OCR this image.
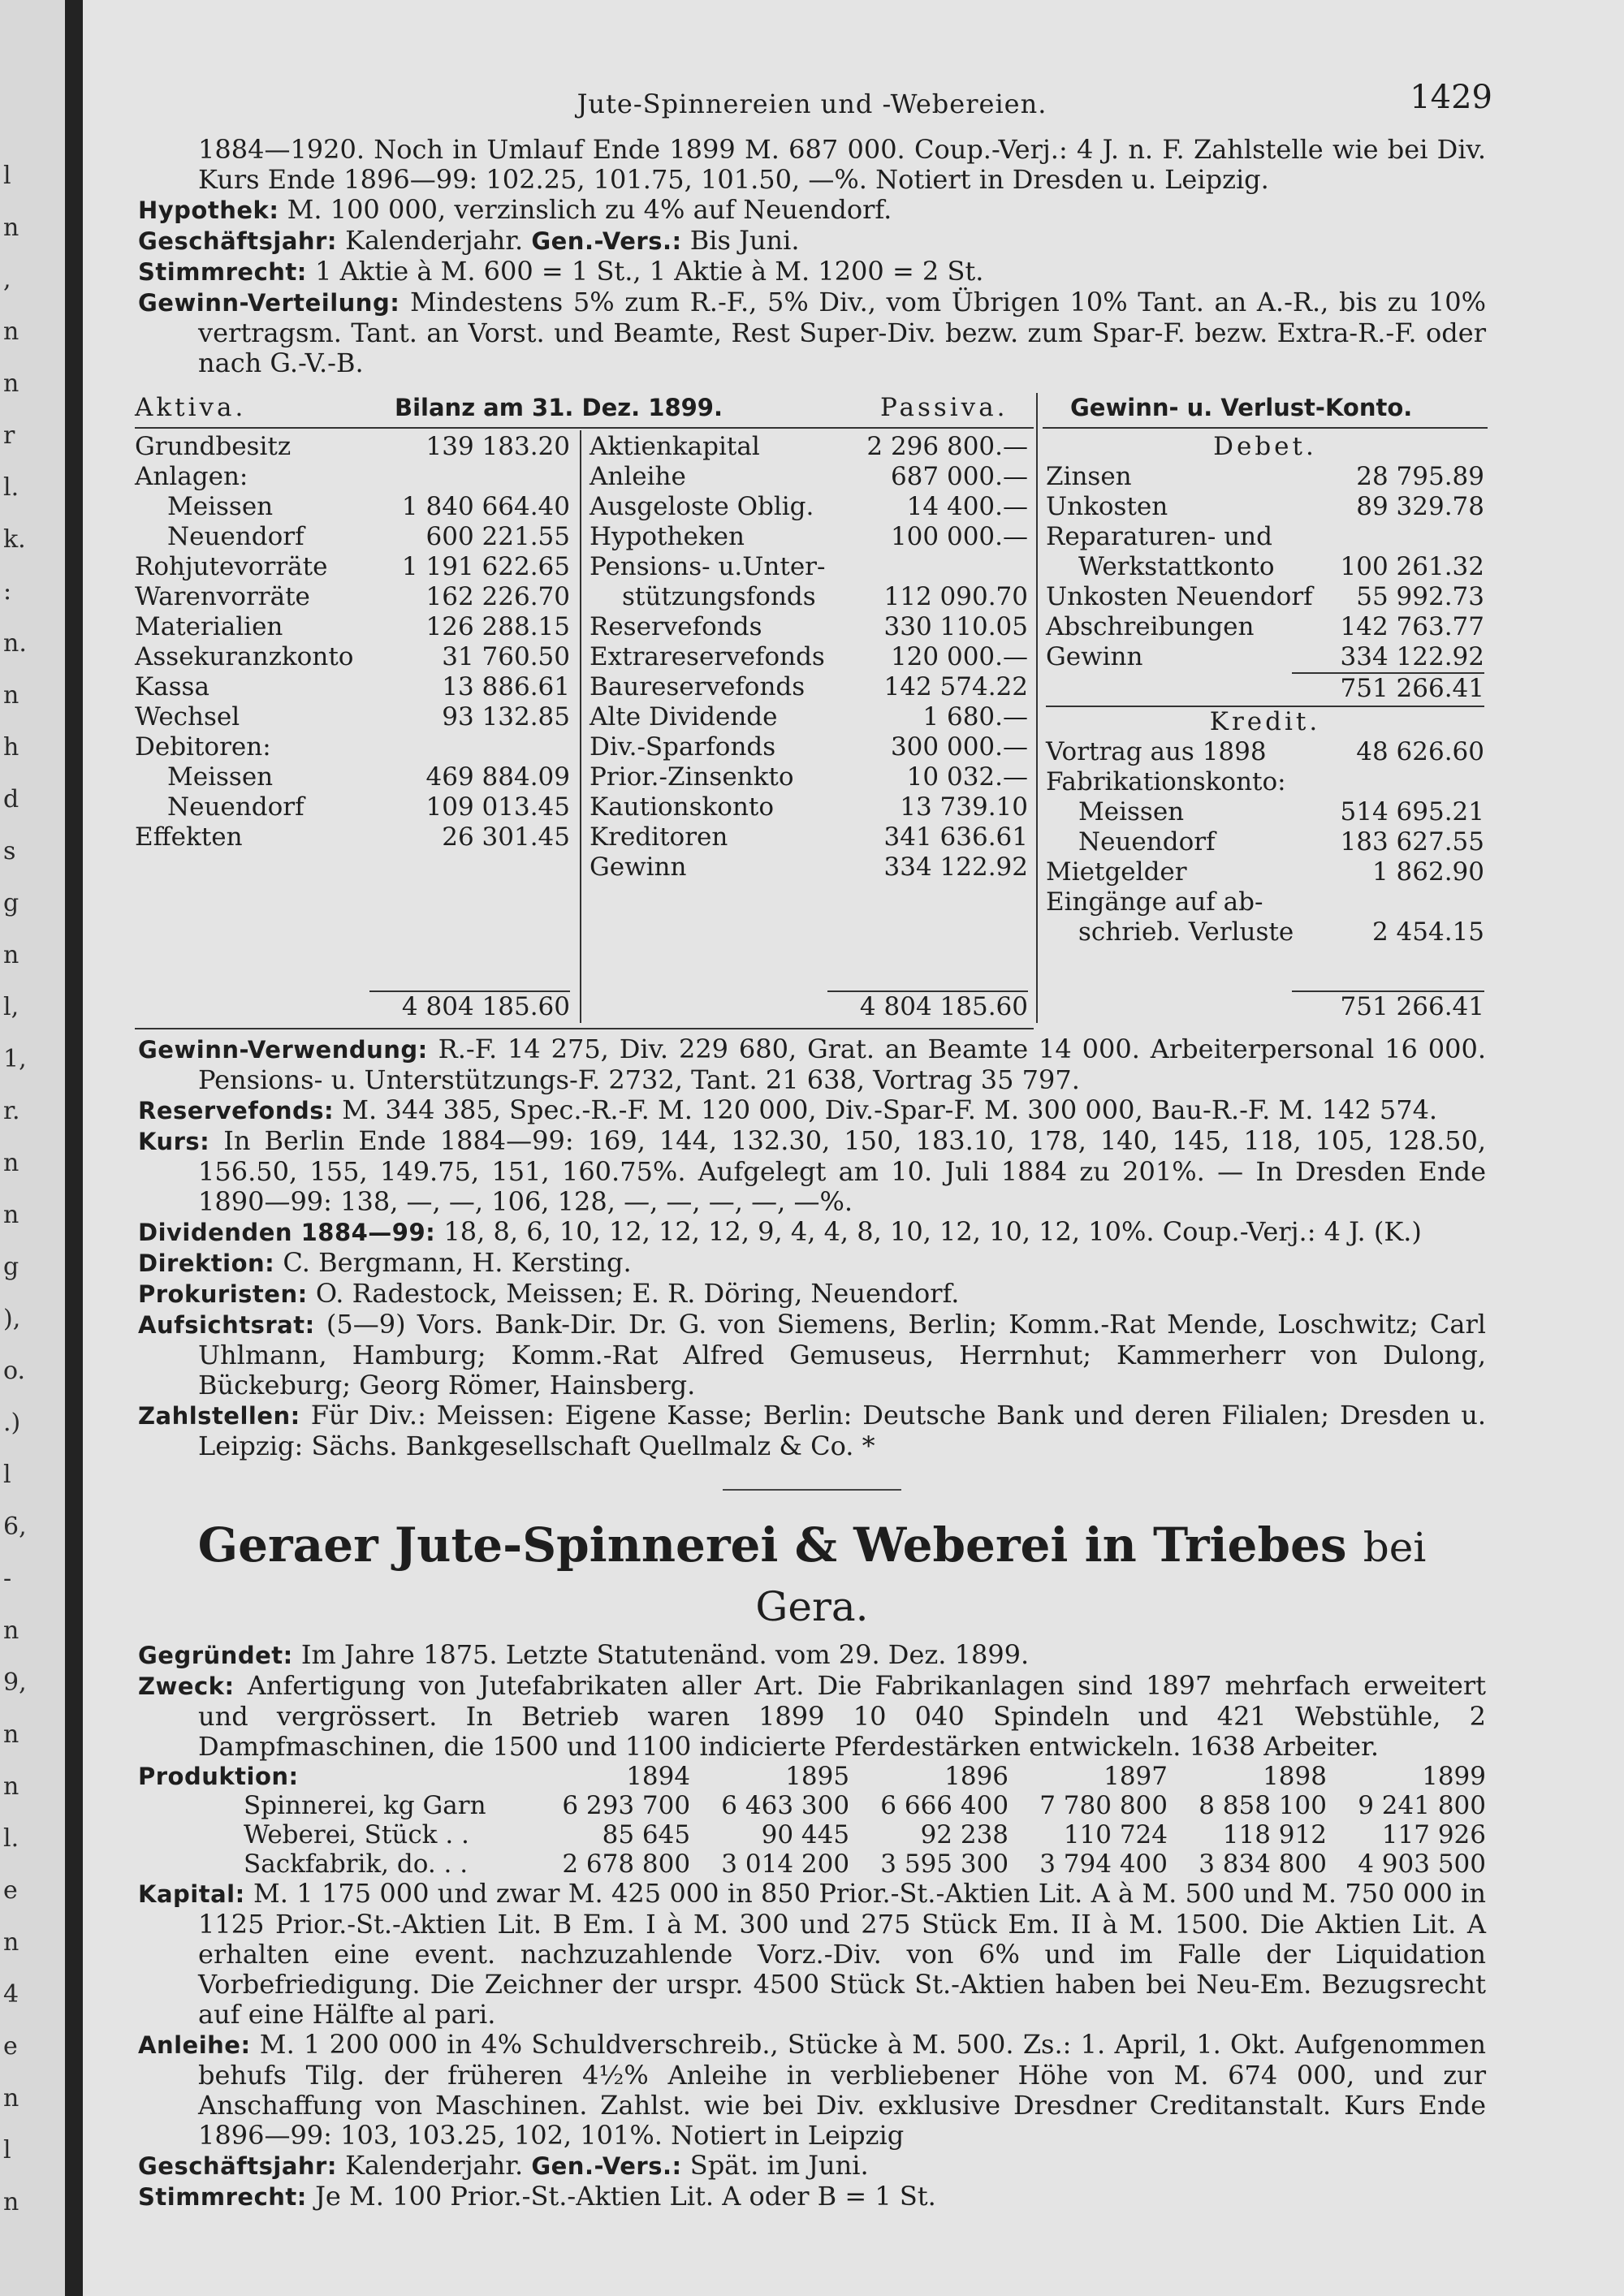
l
n
,
n
n
r
l.
k.
:
n.
n
h
d
s
g
n
l,
1,
r.
n
n
g
),
o.
.)
l
6,
-
n
9,
n
n
l.
e
n
4
e
n
l
n
Jute-Spinnereien und -Webereien.	1429

1884—1920. Noch in Umlauf Ende 1899 M. 687 000. Coup.-Verj.: 4 J. n. F. Zahlstelle wie bei Div. Kurs Ende 1896—99: 102.25, 101.75, 101.50, —%. Notiert in Dresden u. Leipzig.

Hypothek: M. 100 000, verzinslich zu 4% auf Neuendorf.

Geschäftsjahr: Kalenderjahr. Gen.-Vers.: Bis Juni.

Stimmrecht: 1 Aktie à M. 600 = 1 St., 1 Aktie à M. 1200 = 2 St.

Gewinn-Verteilung: Mindestens 5% zum R.-F., 5% Div., vom Übrigen 10% Tant. an A.-R., bis zu 10% vertragsm. Tant. an Vorst. und Beamte, Rest Super-Div. bezw. zum Spar-F. bezw. Extra-R.-F. oder nach G.-V.-B.

Aktiva.	Bilanz am 31. Dez. 1899.	Passiva.	Gewinn- u. Verlust-Konto.
Grundbesitz	139 183.20
Anlagen:
Meissen	1 840 664.40
Neuendorf	600 221.55
Rohjutevorräte	1 191 622.65
Warenvorräte	162 226.70
Materialien	126 288.15
Assekuranzkonto	31 760.50
Kassa	13 886.61
Wechsel	93 132.85
Debitoren:
Meissen	469 884.09
Neuendorf	109 013.45
Effekten	26 301.45
Aktienkapital	2 296 800.—
Anleihe	687 000.—
Ausgeloste Oblig.	14 400.—
Hypotheken	100 000.—
Pensions- u.Unter-
stützungsfonds	112 090.70
Reservefonds	330 110.05
Extrareservefonds	120 000.—
Baureservefonds	142 574.22
Alte Dividende	1 680.—
Div.-Sparfonds	300 000.—
Prior.-Zinsenkto	10 032.—
Kautionskonto	13 739.10
Kreditoren	341 636.61
Gewinn	334 122.92
Debet.
Zinsen	28 795.89
Unkosten	89 329.78
Reparaturen- und
Werkstattkonto	100 261.32
Unkosten Neuendorf 55 992.73
Abschreibungen	142 763.77
Gewinn	334 122.92
751 266.41
Kredit.
Vortrag aus 1898	48 626.60
Fabrikationskonto:
Meissen	514 695.21
Neuendorf	183 627.55
Mietgelder	1 862.90
Eingänge auf ab-
schrieb. Verluste	2 454.15
4 804 185.60	4 804 185.60	751 266.41

Gewinn-Verwendung: R.-F. 14 275, Div. 229 680, Grat. an Beamte 14 000. Arbeiterpersonal 16 000. Pensions- u. Unterstützungs-F. 2732, Tant. 21 638, Vortrag 35 797.

Reservefonds: M. 344 385, Spec.-R.-F. M. 120 000, Div.-Spar-F. M. 300 000, Bau-R.-F. M. 142 574.

Kurs: In Berlin Ende 1884—99: 169, 144, 132.30, 150, 183.10, 178, 140, 145, 118, 105, 128.50, 156.50, 155, 149.75, 151, 160.75%. Aufgelegt am 10. Juli 1884 zu 201%. — In Dresden Ende 1890—99: 138, —, —, 106, 128, —, —, —, —, —%.

Dividenden 1884—99: 18, 8, 6, 10, 12, 12, 12, 9, 4, 4, 8, 10, 12, 10, 12, 10%. Coup.-Verj.: 4 J. (K.)

Direktion: C. Bergmann, H. Kersting.

Prokuristen: O. Radestock, Meissen; E. R. Döring, Neuendorf.

Aufsichtsrat: (5—9) Vors. Bank-Dir. Dr. G. von Siemens, Berlin; Komm.-Rat Mende, Loschwitz; Carl Uhlmann, Hamburg; Komm.-Rat Alfred Gemuseus, Herrnhut; Kammerherr von Dulong, Bückeburg; Georg Römer, Hainsberg.

Zahlstellen: Für Div.: Meissen: Eigene Kasse; Berlin: Deutsche Bank und deren Filialen; Dresden u. Leipzig: Sächs. Bankgesellschaft Quellmalz & Co. *

Geraer Jute-Spinnerei & Weberei in Triebes bei Gera.

Gegründet: Im Jahre 1875. Letzte Statutenänd. vom 29. Dez. 1899.

Zweck: Anfertigung von Jutefabrikaten aller Art. Die Fabrikanlagen sind 1897 mehrfach erweitert und vergrössert. In Betrieb waren 1899 10 040 Spindeln und 421 Webstühle, 2 Dampfmaschinen, die 1500 und 1100 indicierte Pferdestärken entwickeln. 1638 Arbeiter.

Produktion:	1894	1895	1896	1897	1898	1899
Spinnerei, kg Garn	6 293 700	6 463 300	6 666 400	7 780 800	8 858 100	9 241 800
Weberei, Stück . .	85 645	90 445	92 238	110 724	118 912	117 926
Sackfabrik, do. . .	2 678 800	3 014 200	3 595 300	3 794 400	3 834 800	4 903 500

Kapital: M. 1 175 000 und zwar M. 425 000 in 850 Prior.-St.-Aktien Lit. A à M. 500 und M. 750 000 in 1125 Prior.-St.-Aktien Lit. B Em. I à M. 300 und 275 Stück Em. II à M. 1500. Die Aktien Lit. A erhalten eine event. nachzuzahlende Vorz.-Div. von 6% und im Falle der Liquidation Vorbefriedigung. Die Zeichner der urspr. 4500 Stück St.-Aktien haben bei Neu-Em. Bezugsrecht auf eine Hälfte al pari.

Anleihe: M. 1 200 000 in 4% Schuldverschreib., Stücke à M. 500. Zs.: 1. April, 1. Okt. Aufgenommen behufs Tilg. der früheren 4½% Anleihe in verbliebener Höhe von M. 674 000, und zur Anschaffung von Maschinen. Zahlst. wie bei Div. exklusive Dresdner Creditanstalt. Kurs Ende 1896—99: 103, 103.25, 102, 101%. Notiert in Leipzig

Geschäftsjahr: Kalenderjahr. Gen.-Vers.: Spät. im Juni.

Stimmrecht: Je M. 100 Prior.-St.-Aktien Lit. A oder B = 1 St.
